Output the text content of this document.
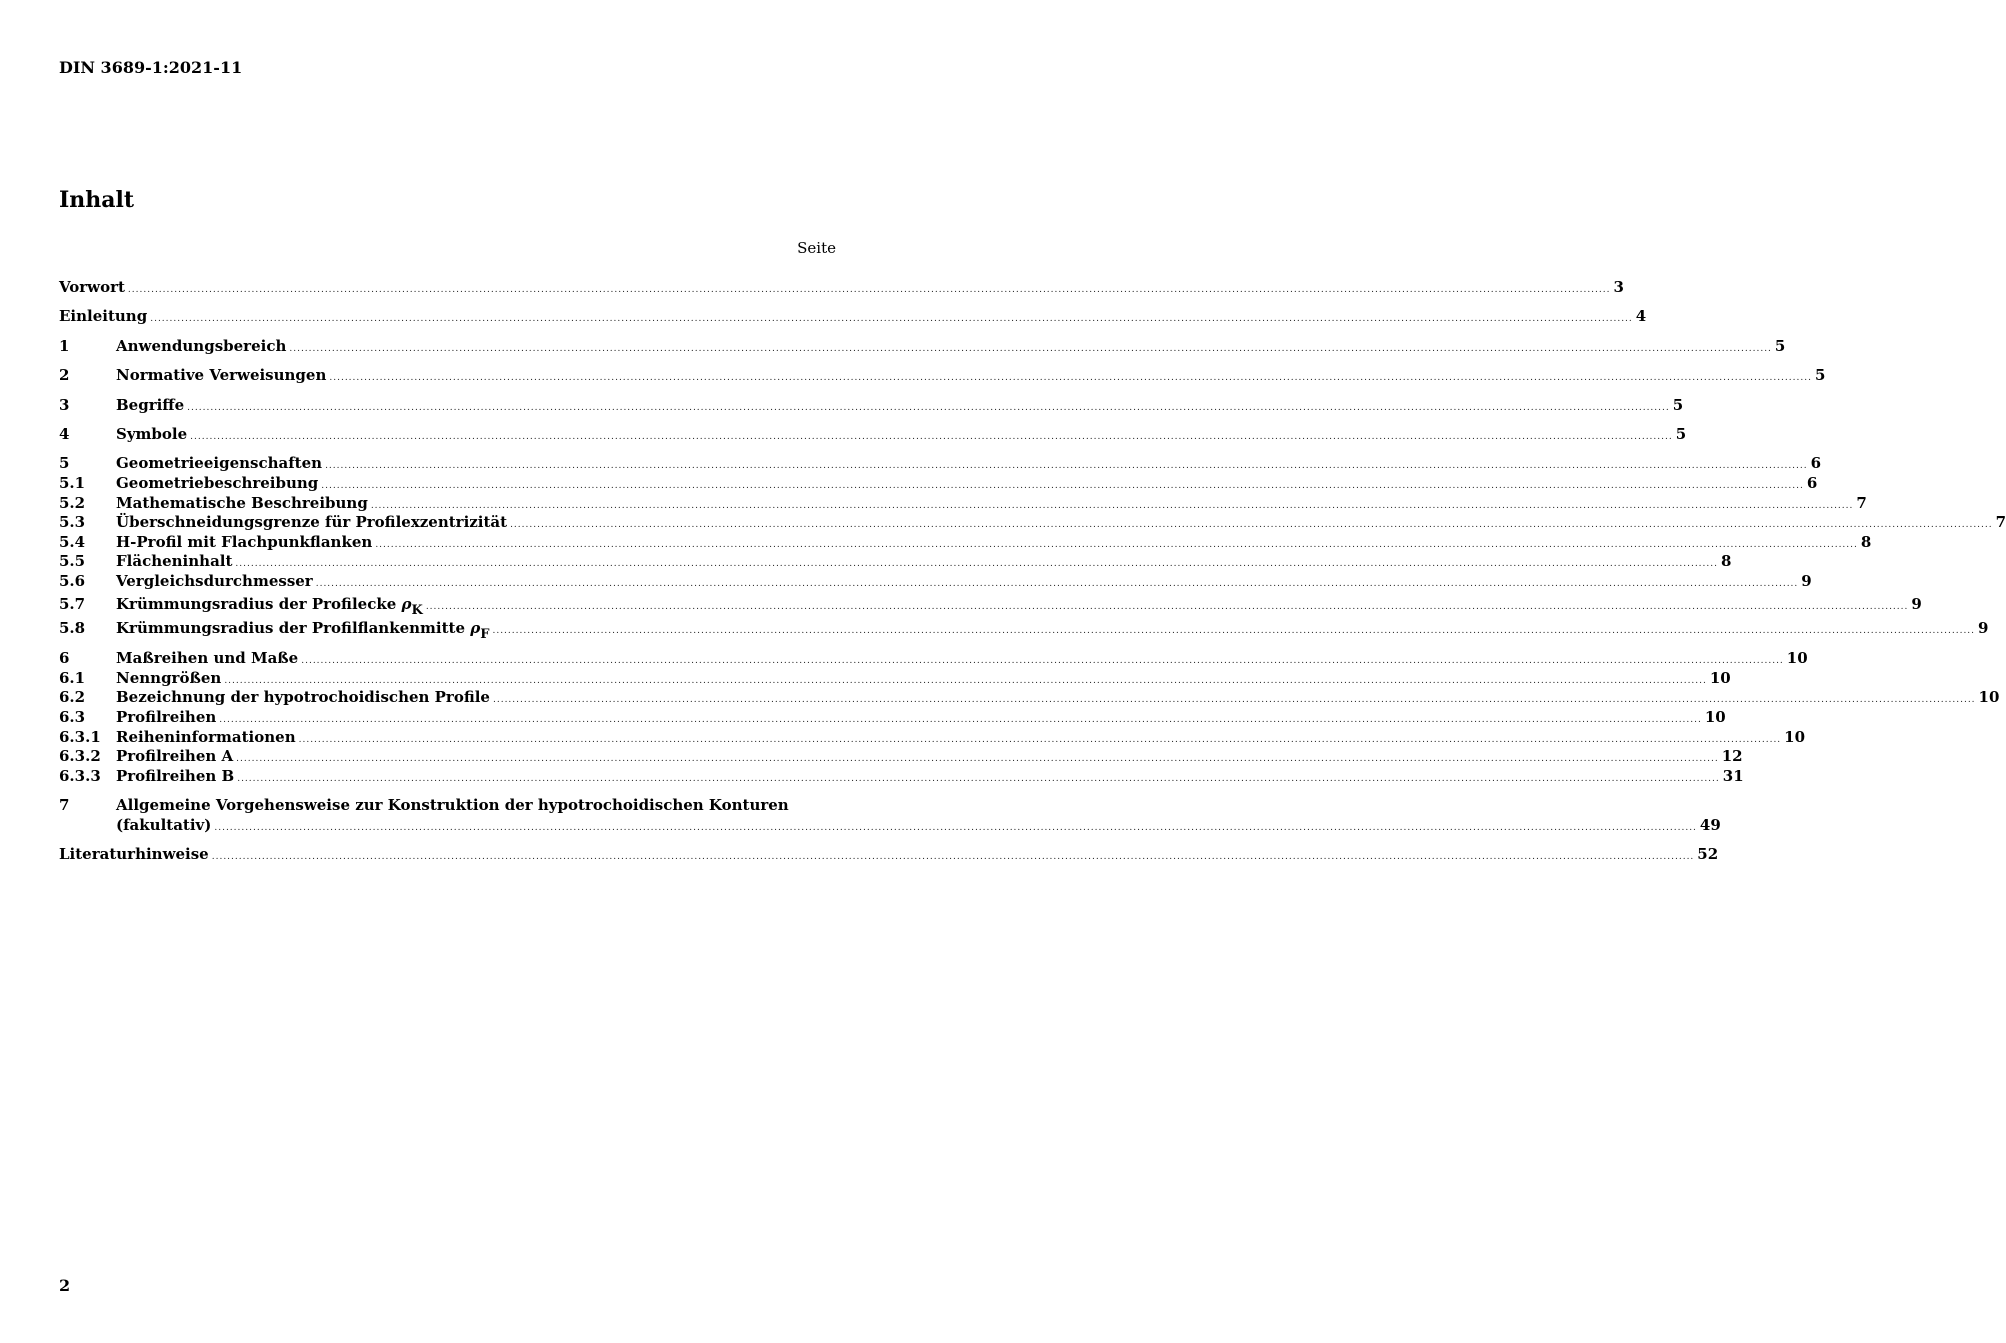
DIN 3689-1:2021-11
Inhalt
Seite
Vorwort .....	3
Einleitung .....	4
1	Anwendungsbereich .....	5
2	Normative Verweisungen .....	5
3	Begriffe .....	5
4	Symbole .....	5
5	Geometrieeigenschaften .....	6
5.1	Geometriebeschreibung .....	6
5.2	Mathematische Beschreibung .....	7
5.3	Überschneidungsgrenze für Profilexzentrizität .....	7
5.4	H-Profil mit Flachpunkflanken .....	8
5.5	Flächeninhalt .....	8
5.6	Vergleichsdurchmesser .....	9
5.7	Krümmungsradius der Profilecke ρK .....	9
5.8	Krümmungsradius der Profilflankenmitte ρF .....	9
6	Maßreihen und Maße .....	10
6.1	Nenngrößen .....	10
6.2	Bezeichnung der hypotrochoidischen Profile .....	10
6.3	Profilreihen .....	10
6.3.1	Reiheninformationen .....	10
6.3.2	Profilreihen A .....	12
6.3.3	Profilreihen B .....	31
7	Allgemeine Vorgehensweise zur Konstruktion der hypotrochoidischen Konturen
(fakultativ) .....	49
Literaturhinweise .....	52
2
